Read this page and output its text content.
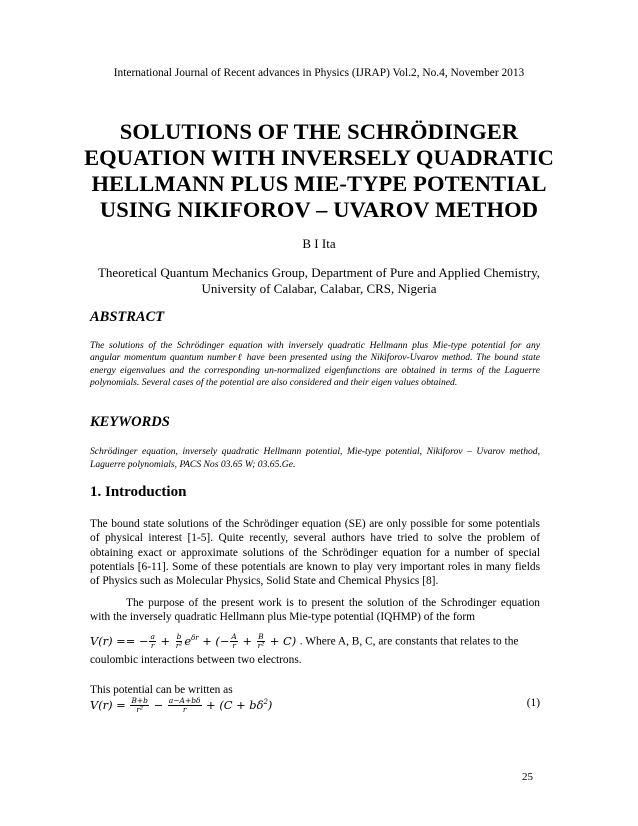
International Journal of Recent advances in Physics (IJRAP) Vol.2, No.4, November 2013
SOLUTIONS OF THE SCHRÖDINGER
EQUATION WITH INVERSELY QUADRATIC
HELLMANN PLUS MIE-TYPE POTENTIAL
USING NIKIFOROV – UVAROV METHOD
B I Ita
Theoretical Quantum Mechanics Group, Department of Pure and Applied Chemistry,
University of Calabar, Calabar, CRS, Nigeria
ABSTRACT
The solutions of the Schrödinger equation with inversely quadratic Hellmann plus Mie-type potential for any angular momentum quantum numberℓ have been presented using the Nikiforov-Uvarov method. The bound state energy eigenvalues and the corresponding un-normalized eigenfunctions are obtained in terms of the Laguerre polynomials. Several cases of the potential are also considered and their eigen values obtained.
KEYWORDS
Schrödinger equation, inversely quadratic Hellmann potential, Mie-type potential, Nikiforov – Uvarov method, Laguerre polynomials, PACS Nos 03.65 W; 03.65.Ge.
1. Introduction
The bound state solutions of the Schrödinger equation (SE) are only possible for some potentials of physical interest [1-5]. Quite recently, several authors have tried to solve the problem of obtaining exact or approximate solutions of the Schrödinger equation for a number of special potentials [6-11]. Some of these potentials are known to play very important roles in many fields of Physics such as Molecular Physics, Solid State and Chemical Physics [8].
The purpose of the present work is to present the solution of the Schrodinger equation with the inversely quadratic Hellmann plus Mie-type potential (IQHMP) of the form
V(r) == − $\frac{a}{r} + \frac{b}{\text{r²}} e^{\delta r}$ + (− $\frac{A}{r} + \frac{B}{\text{r²}} + C$) . Where A, B, C, are constants that relates to the
coulombic interactions between two electrons.
This potential can be written as
$V(r) = \frac{B+b}{\text{r²}} - \frac{a-A+b\delta}{r} + (C + b\delta^2)$	(1)
25
